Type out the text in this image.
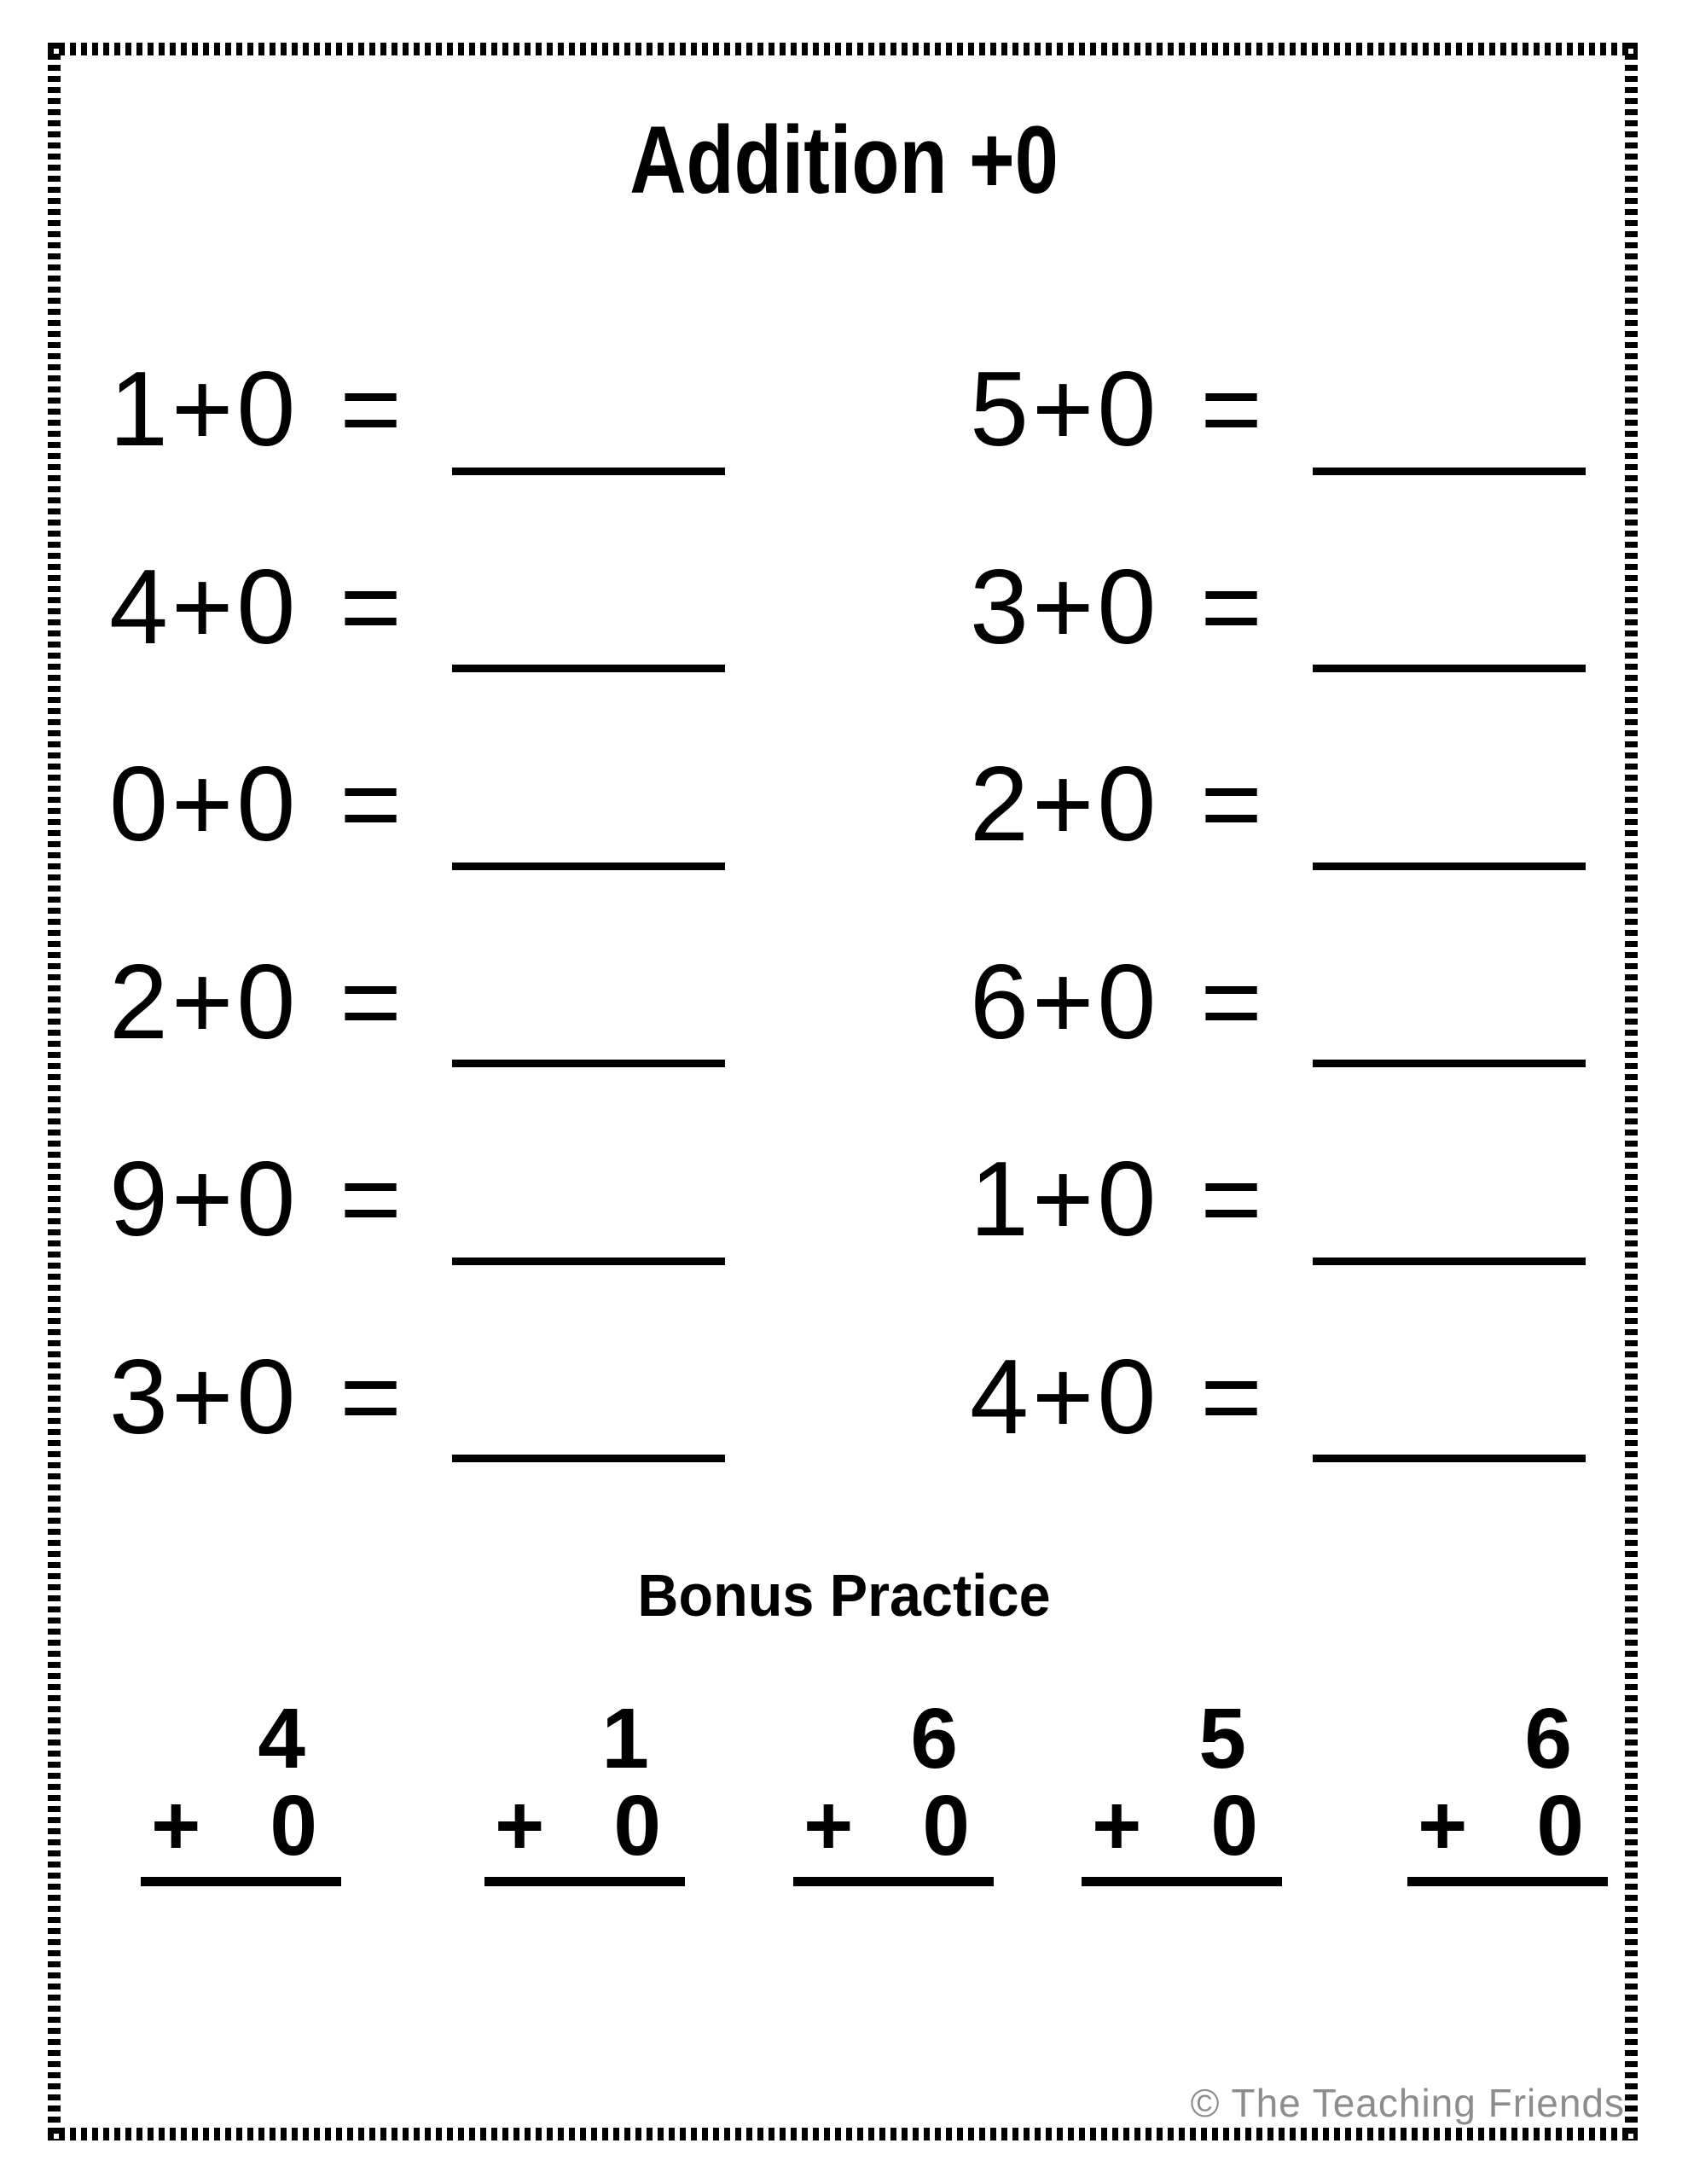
Addition +0
1+0 =	5+0 =
4+0 =	3+0 =
0+0 =	2+0 =
2+0 =	6+0 =
9+0 =	1+0 =
3+0 =	4+0 =
Bonus Practice
4
+ 0
1
+ 0
6
+ 0
5
+ 0
6
+ 0
© The Teaching Friends
